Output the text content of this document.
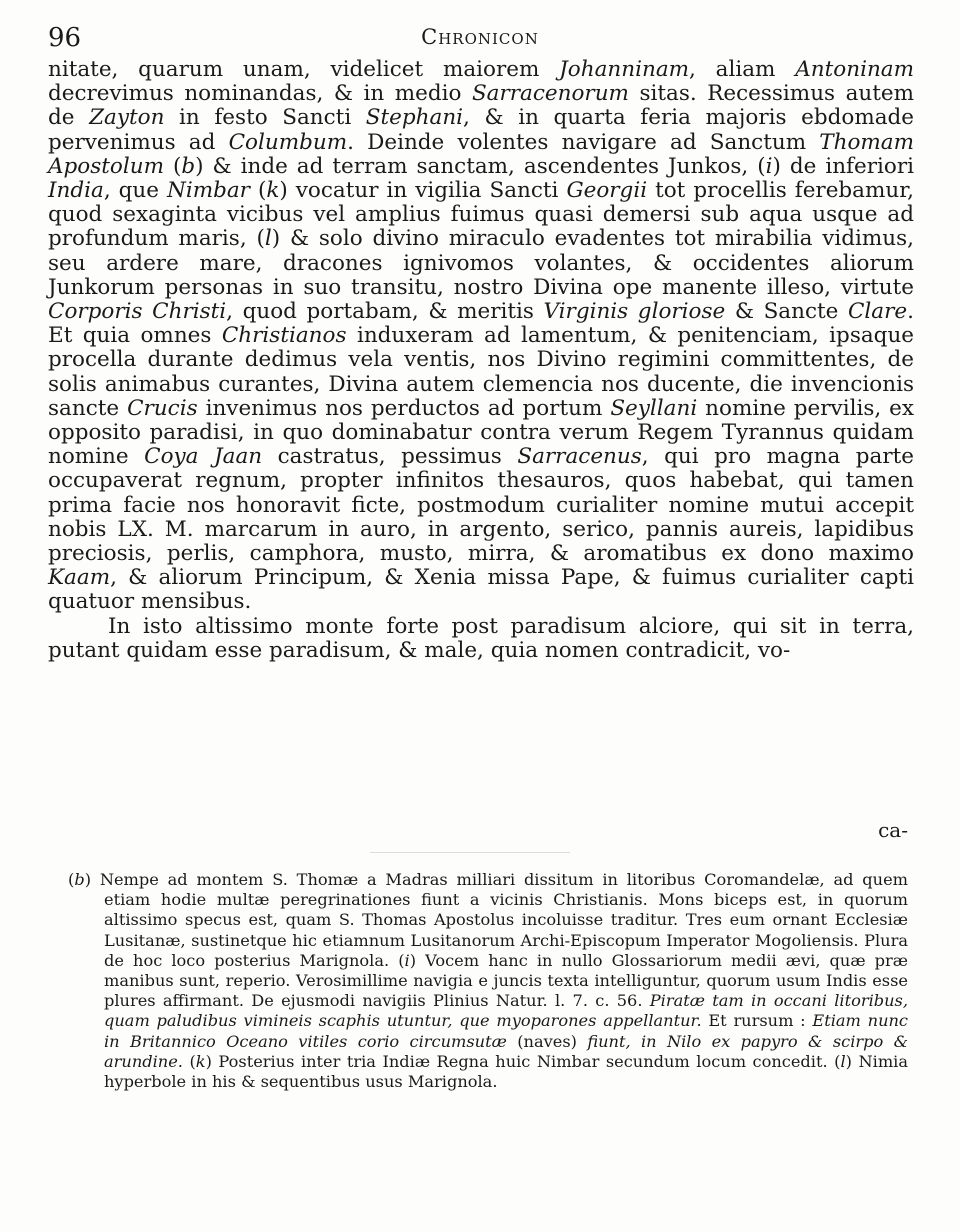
96	Chronicon

nitate, quarum unam, videlicet maiorem Johanninam, aliam Antoninam decrevimus nominandas, & in medio Sarracenorum sitas. Recessimus autem de Zayton in festo Sancti Stephani, & in quarta feria majoris ebdomade pervenimus ad Columbum. Deinde volentes navigare ad Sanctum Thomam Apostolum (b) & inde ad terram sanctam, ascendentes Junkos, (i) de inferiori India, que Nimbar (k) vocatur in vigilia Sancti Georgii tot procellis ferebamur, quod sexaginta vicibus vel amplius fuimus quasi demersi sub aqua usque ad profundum maris, (l) & solo divino miraculo evadentes tot mirabilia vidimus, seu ardere mare, dracones ignivomos volantes, & occidentes aliorum Junkorum personas in suo transitu, nostro Divina ope manente illeso, virtute Corporis Christi, quod portabam, & meritis Virginis gloriose & Sancte Clare. Et quia omnes Christianos induxeram ad lamentum, & penitenciam, ipsaque procella durante dedimus vela ventis, nos Divino regimini committentes, de solis animabus curantes, Divina autem clemencia nos ducente, die invencionis sancte Crucis invenimus nos perductos ad portum Seyllani nomine pervilis, ex opposito paradisi, in quo dominabatur contra verum Regem Tyrannus quidam nomine Coya Jaan castratus, pessimus Sarracenus, qui pro magna parte occupaverat regnum, propter infinitos thesauros, quos habebat, qui tamen prima facie nos honoravit ficte, postmodum curialiter nomine mutui accepit nobis LX. M. marcarum in auro, in argento, serico, pannis aureis, lapidibus preciosis, perlis, camphora, musto, mirra, & aromatibus ex dono maximo Kaam, & aliorum Principum, & Xenia missa Pape, & fuimus curialiter capti quatuor mensibus.

In isto altissimo monte forte post paradisum alciore, qui sit in terra, putant quidam esse paradisum, & male, quia nomen contradicit, vo-

ca-

(b) Nempe ad montem S. Thomæ a Madras milliari dissitum in litoribus Coromandelæ, ad quem etiam hodie multæ peregrinationes fiunt a vicinis Christianis. Mons biceps est, in quorum altissimo specus est, quam S. Thomas Apostolus incoluisse traditur. Tres eum ornant Ecclesiæ Lusitanæ, sustinetque hic etiamnum Lusitanorum Archi-Episcopum Imperator Mogoliensis. Plura de hoc loco posterius Marignola. (i) Vocem hanc in nullo Glossariorum medii ævi, quæ præ manibus sunt, reperio. Verosimillime navigia e juncis texta intelliguntur, quorum usum Indis esse plures affirmant. De ejusmodi navigiis Plinius Natur. l. 7. c. 56. Piratæ tam in occani litoribus, quam paludibus vimineis scaphis utuntur, que myoparones appellantur. Et rursum : Etiam nunc in Britannico Oceano vitiles corio circumsutæ (naves) fiunt, in Nilo ex papyro & scirpo & arundine. (k) Posterius inter tria Indiæ Regna huic Nimbar secundum locum concedit. (l) Nimia hyperbole in his & sequentibus usus Marignola.
